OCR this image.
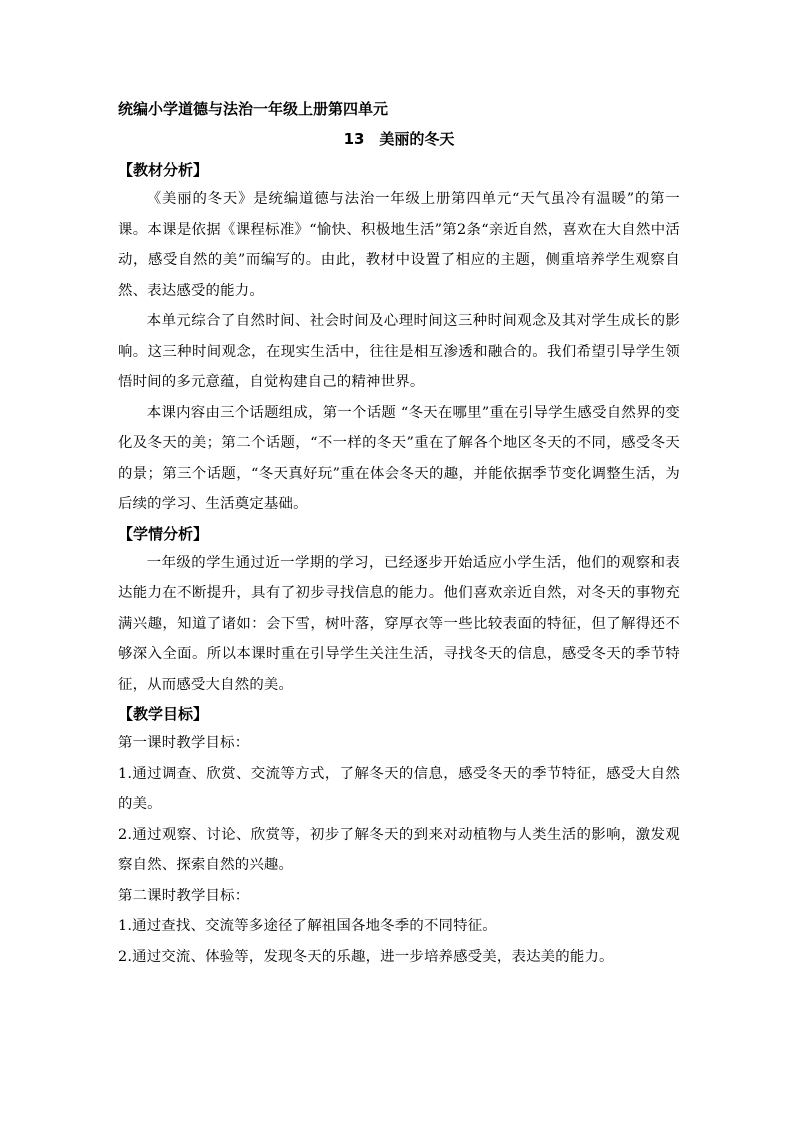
统编小学道德与法治一年级上册第四单元
13　美丽的冬天
【教材分析】

《美丽的冬天》是统编道德与法治一年级上册第四单元“天气虽冷有温暖”的第一课。本课是依据《课程标准》“愉快、积极地生活”第2条“亲近自然，喜欢在大自然中活动，感受自然的美”而编写的。由此，教材中设置了相应的主题，侧重培养学生观察自然、表达感受的能力。

本单元综合了自然时间、社会时间及心理时间这三种时间观念及其对学生成长的影响。这三种时间观念，在现实生活中，往往是相互渗透和融合的。我们希望引导学生领悟时间的多元意蕴，自觉构建自己的精神世界。

本课内容由三个话题组成，第一个话题 “冬天在哪里”重在引导学生感受自然界的变化及冬天的美；第二个话题，“不一样的冬天”重在了解各个地区冬天的不同，感受冬天的景；第三个话题，“冬天真好玩”重在体会冬天的趣，并能依据季节变化调整生活，为后续的学习、生活奠定基础。

【学情分析】

一年级的学生通过近一学期的学习，已经逐步开始适应小学生活，他们的观察和表达能力在不断提升，具有了初步寻找信息的能力。他们喜欢亲近自然，对冬天的事物充满兴趣，知道了诸如：会下雪，树叶落，穿厚衣等一些比较表面的特征，但了解得还不够深入全面。所以本课时重在引导学生关注生活，寻找冬天的信息，感受冬天的季节特征，从而感受大自然的美。

【教学目标】

第一课时教学目标：

1.通过调查、欣赏、交流等方式，了解冬天的信息，感受冬天的季节特征，感受大自然的美。

2.通过观察、讨论、欣赏等，初步了解冬天的到来对动植物与人类生活的影响，激发观察自然、探索自然的兴趣。

第二课时教学目标：

1.通过查找、交流等多途径了解祖国各地冬季的不同特征。

2.通过交流、体验等，发现冬天的乐趣，进一步培养感受美，表达美的能力。
